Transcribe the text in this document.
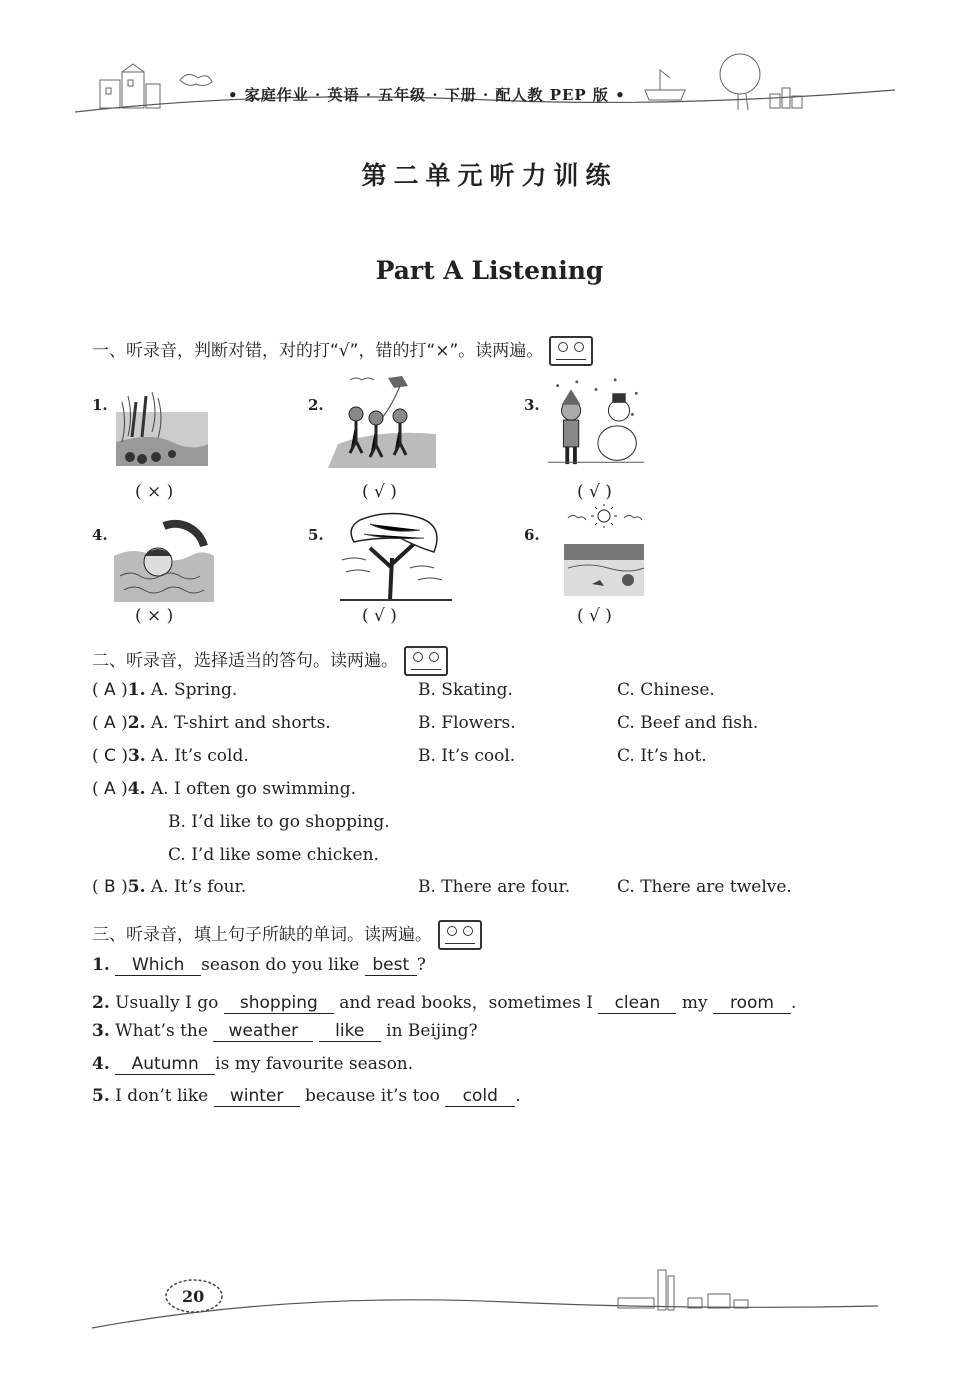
• 家庭作业 · 英语 · 五年级 · 下册 · 配人教 PEP 版 •
第二单元听力训练
Part A Listening
一、听录音，判断对错，对的打“√”，错的打“×”。读两遍。
1.
( × )
2.
( √ )
3.
( √ )
4.
( × )
5.
( √ )
6.
( √ )
二、听录音，选择适当的答句。读两遍。
( A )1. A. Spring.	B. Skating.	C. Chinese.
( A )2. A. T-shirt and shorts.	B. Flowers.	C. Beef and fish.
( C )3. A. It’s cold.	B. It’s cool.	C. It’s hot.
( A )4. A. I often go swimming.
B. I’d like to go shopping.
C. I’d like some chicken.
( B )5. A. It’s four.	B. There are four.	C. There are twelve.
三、听录音，填上句子所缺的单词。读两遍。
1. Which season do you like best ?
2. Usually I go shopping and read books，sometimes I clean my room .
3. What’s the weather like in Beijing?
4. Autumn is my favourite season.
5. I don’t like winter because it’s too cold .
20
